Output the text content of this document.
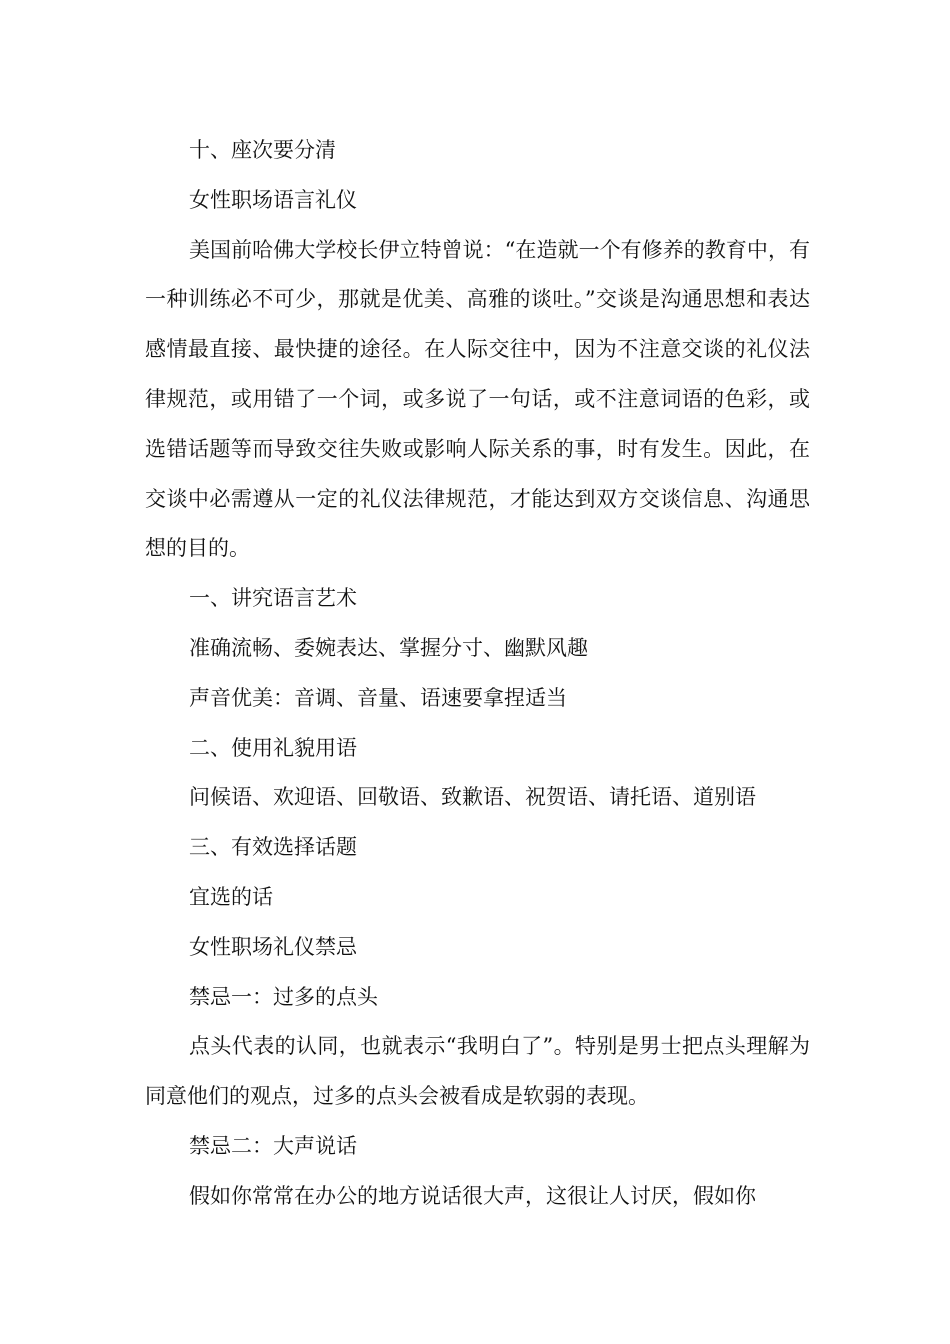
十、座次要分清

女性职场语言礼仪

美国前哈佛大学校长伊立特曾说：“在造就一个有修养的教育中，有一种训练必不可少，那就是优美、高雅的谈吐。”交谈是沟通思想和表达感情最直接、最快捷的途径。在人际交往中，因为不注意交谈的礼仪法律规范，或用错了一个词，或多说了一句话，或不注意词语的色彩，或选错话题等而导致交往失败或影响人际关系的事，时有发生。因此，在交谈中必需遵从一定的礼仪法律规范，才能达到双方交谈信息、沟通思想的目的。

一、讲究语言艺术

准确流畅、委婉表达、掌握分寸、幽默风趣

声音优美：音调、音量、语速要拿捏适当

二、使用礼貌用语

问候语、欢迎语、回敬语、致歉语、祝贺语、请托语、道别语

三、有效选择话题

宜选的话

女性职场礼仪禁忌

禁忌一：过多的点头

点头代表的认同，也就表示“我明白了”。特别是男士把点头理解为同意他们的观点，过多的点头会被看成是软弱的表现。

禁忌二：大声说话

假如你常常在办公的地方说话很大声，这很让人讨厌，假如你
